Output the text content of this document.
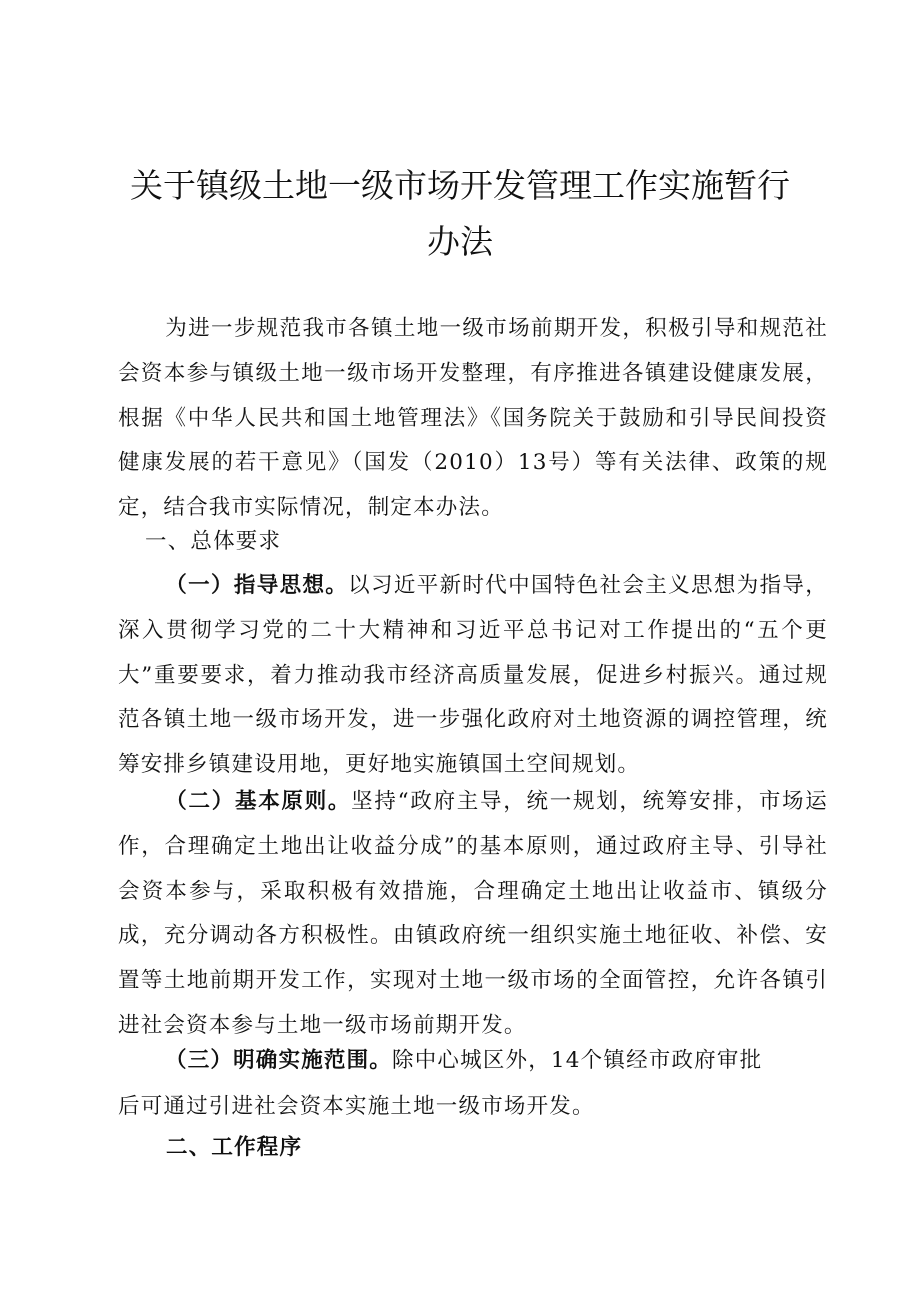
关于镇级土地一级市场开发管理工作实施暂行
办法

为进一步规范我市各镇土地一级市场前期开发，积极引导和规范社会资本参与镇级土地一级市场开发整理，有序推进各镇建设健康发展，根据《中华人民共和国土地管理法》《国务院关于鼓励和引导民间投资健康发展的若干意见》（国发（2010）13号）等有关法律、政策的规定，结合我市实际情况，制定本办法。

一、总体要求

（一）指导思想。以习近平新时代中国特色社会主义思想为指导，深入贯彻学习党的二十大精神和习近平总书记对工作提出的“五个更大”重要要求，着力推动我市经济高质量发展，促进乡村振兴。通过规范各镇土地一级市场开发，进一步强化政府对土地资源的调控管理，统筹安排乡镇建设用地，更好地实施镇国土空间规划。

（二）基本原则。坚持“政府主导，统一规划，统筹安排，市场运作，合理确定土地出让收益分成”的基本原则，通过政府主导、引导社会资本参与，采取积极有效措施，合理确定土地出让收益市、镇级分成，充分调动各方积极性。由镇政府统一组织实施土地征收、补偿、安置等土地前期开发工作，实现对土地一级市场的全面管控，允许各镇引进社会资本参与土地一级市场前期开发。

（三）明确实施范围。除中心城区外，14个镇经市政府审批
后可通过引进社会资本实施土地一级市场开发。
二、工作程序
